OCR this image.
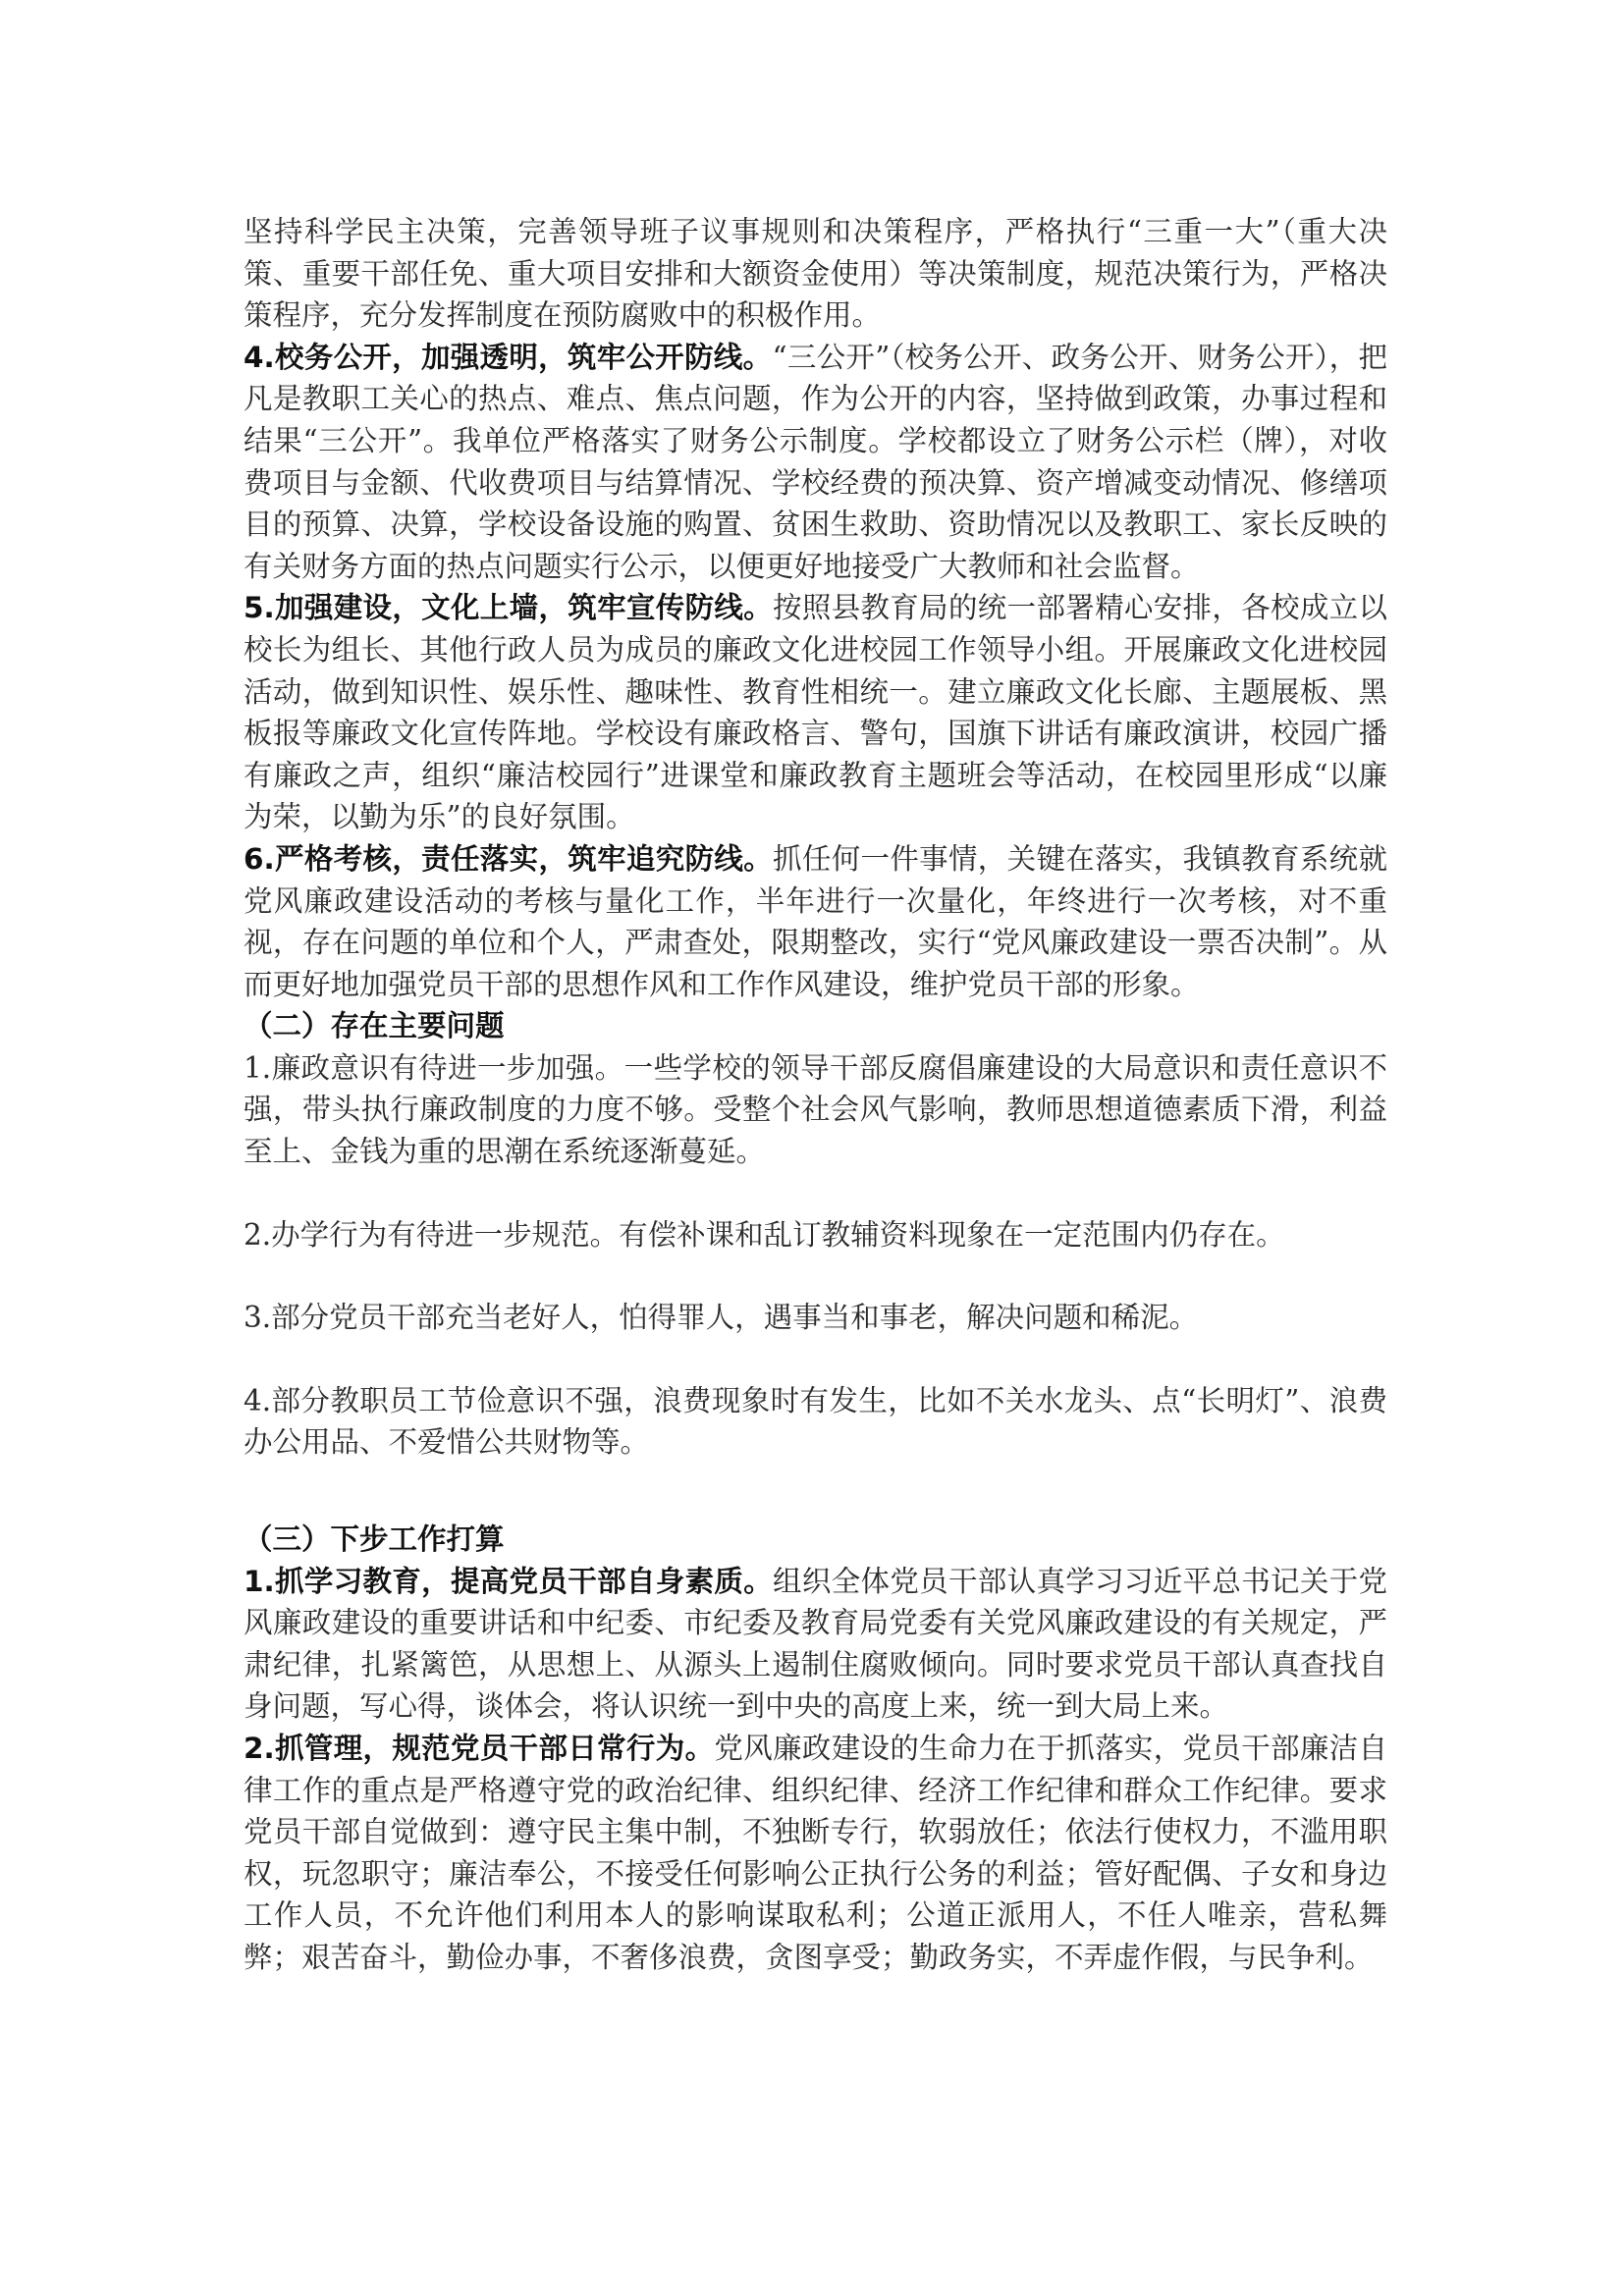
坚持科学民主决策，完善领导班子议事规则和决策程序，严格执行“三重一大”（重大决策、重要干部任免、重大项目安排和大额资金使用）等决策制度，规范决策行为，严格决策程序，充分发挥制度在预防腐败中的积极作用。

4.校务公开，加强透明，筑牢公开防线。“三公开”（校务公开、政务公开、财务公开），把凡是教职工关心的热点、难点、焦点问题，作为公开的内容，坚持做到政策，办事过程和结果“三公开”。我单位严格落实了财务公示制度。学校都设立了财务公示栏（牌），对收费项目与金额、代收费项目与结算情况、学校经费的预决算、资产增减变动情况、修缮项目的预算、决算，学校设备设施的购置、贫困生救助、资助情况以及教职工、家长反映的有关财务方面的热点问题实行公示，以便更好地接受广大教师和社会监督。

5.加强建设，文化上墙，筑牢宣传防线。按照县教育局的统一部署精心安排，各校成立以校长为组长、其他行政人员为成员的廉政文化进校园工作领导小组。开展廉政文化进校园活动，做到知识性、娱乐性、趣味性、教育性相统一。建立廉政文化长廊、主题展板、黑板报等廉政文化宣传阵地。学校设有廉政格言、警句，国旗下讲话有廉政演讲，校园广播有廉政之声，组织“廉洁校园行”进课堂和廉政教育主题班会等活动，在校园里形成“以廉为荣，以勤为乐”的良好氛围。

6.严格考核，责任落实，筑牢追究防线。抓任何一件事情，关键在落实，我镇教育系统就党风廉政建设活动的考核与量化工作，半年进行一次量化，年终进行一次考核，对不重视，存在问题的单位和个人，严肃查处，限期整改，实行“党风廉政建设一票否决制”。从而更好地加强党员干部的思想作风和工作作风建设，维护党员干部的形象。

（二）存在主要问题

1.廉政意识有待进一步加强。一些学校的领导干部反腐倡廉建设的大局意识和责任意识不强，带头执行廉政制度的力度不够。受整个社会风气影响，教师思想道德素质下滑，利益至上、金钱为重的思潮在系统逐渐蔓延。

2.办学行为有待进一步规范。有偿补课和乱订教辅资料现象在一定范围内仍存在。

3.部分党员干部充当老好人，怕得罪人，遇事当和事老，解决问题和稀泥。

4.部分教职员工节俭意识不强，浪费现象时有发生，比如不关水龙头、点“长明灯”、浪费办公用品、不爱惜公共财物等。

（三）下步工作打算

1.抓学习教育，提高党员干部自身素质。组织全体党员干部认真学习习近平总书记关于党风廉政建设的重要讲话和中纪委、市纪委及教育局党委有关党风廉政建设的有关规定，严肃纪律，扎紧篱笆，从思想上、从源头上遏制住腐败倾向。同时要求党员干部认真查找自身问题，写心得，谈体会，将认识统一到中央的高度上来，统一到大局上来。

2.抓管理，规范党员干部日常行为。党风廉政建设的生命力在于抓落实，党员干部廉洁自律工作的重点是严格遵守党的政治纪律、组织纪律、经济工作纪律和群众工作纪律。要求党员干部自觉做到：遵守民主集中制，不独断专行，软弱放任；依法行使权力，不滥用职权，玩忽职守；廉洁奉公，不接受任何影响公正执行公务的利益；管好配偶、子女和身边工作人员，不允许他们利用本人的影响谋取私利；公道正派用人，不任人唯亲，营私舞弊；艰苦奋斗，勤俭办事，不奢侈浪费，贪图享受；勤政务实，不弄虚作假，与民争利。
